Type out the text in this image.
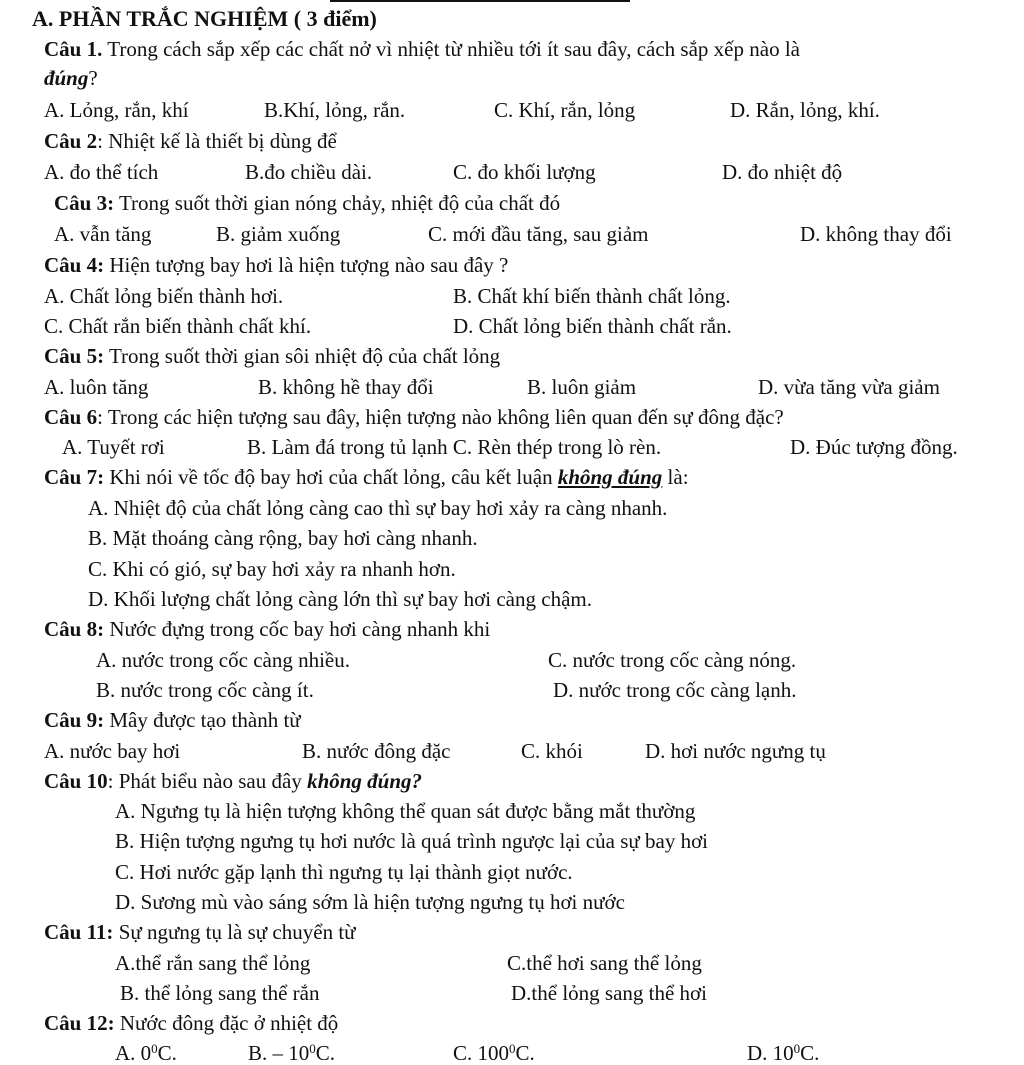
A. PHẦN TRẮC NGHIỆM ( 3 điểm)
Câu 1. Trong cách sắp xếp các chất nở vì nhiệt từ nhiều tới ít sau đây, cách sắp xếp nào là
đúng?
A. Lỏng, rắn, khí	B.Khí, lỏng, rắn.	C. Khí, rắn, lỏng	D. Rắn, lỏng, khí.
Câu 2: Nhiệt kế là thiết bị dùng để
A. đo thể tích	B.đo chiều dài.	C. đo khối lượng	D. đo nhiệt độ
Câu 3: Trong suốt thời gian nóng chảy, nhiệt độ của chất đó
A. vẫn tăng	B. giảm xuống	C. mới đầu tăng, sau giảm	D. không thay đổi
Câu 4: Hiện tượng bay hơi là hiện tượng nào sau đây ?
A. Chất lỏng biến thành hơi.	B. Chất khí biến thành chất lỏng.
C. Chất rắn biến thành chất khí.	D. Chất lỏng biến thành chất rắn.
Câu 5: Trong suốt thời gian sôi nhiệt độ của chất lỏng
A. luôn tăng	B. không hề thay đổi	B. luôn giảm	D. vừa tăng vừa giảm
Câu 6: Trong các hiện tượng sau đây, hiện tượng nào không liên quan đến sự đông đặc?
A. Tuyết rơi	B. Làm đá trong tủ lạnh C. Rèn thép trong lò rèn.	D. Đúc tượng đồng.
Câu 7: Khi nói về tốc độ bay hơi của chất lỏng, câu kết luận không đúng là:
A. Nhiệt độ của chất lỏng càng cao thì sự bay hơi xảy ra càng nhanh.
B. Mặt thoáng càng rộng, bay hơi càng nhanh.
C. Khi có gió, sự bay hơi xảy ra nhanh hơn.
D. Khối lượng chất lỏng càng lớn thì sự bay hơi càng chậm.
Câu 8: Nước đựng trong cốc bay hơi càng nhanh khi
A. nước trong cốc càng nhiều.	C. nước trong cốc càng nóng.
B. nước trong cốc càng ít.	D. nước trong cốc càng lạnh.
Câu 9: Mây được tạo thành từ
A. nước bay hơi	B. nước đông đặc	C. khói	D. hơi nước ngưng tụ
Câu 10: Phát biểu nào sau đây không đúng?
A. Ngưng tụ là hiện tượng không thể quan sát được bằng mắt thường
B. Hiện tượng ngưng tụ hơi nước là quá trình ngược lại của sự bay hơi
C. Hơi nước gặp lạnh thì ngưng tụ lại thành giọt nước.
D. Sương mù vào sáng sớm là hiện tượng ngưng tụ hơi nước
Câu 11: Sự ngưng tụ là sự chuyển từ
A.thể rắn sang thể lỏng	C.thể hơi sang thể lỏng
B. thể lỏng sang thể rắn	D.thể lỏng sang thể hơi
Câu 12: Nước đông đặc ở nhiệt độ
A. $0^0C$.	B. – $10^0C$.	C. $100^0C$.	D. $10^0C$.
